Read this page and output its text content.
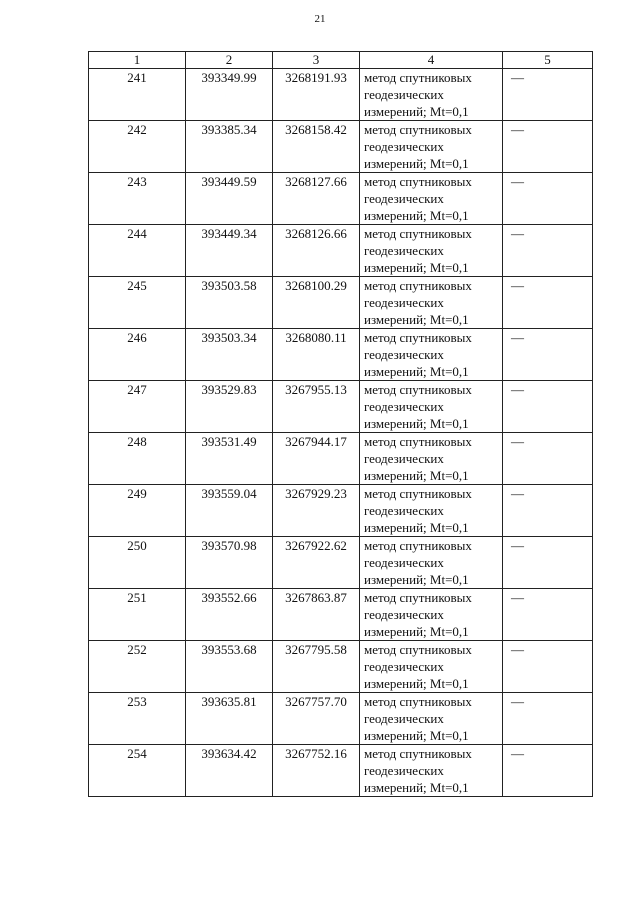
21
1	2	3	4	5
241	393349.99	3268191.93	метод спутниковых
геодезических
измерений; Mt=0,1	—
242	393385.34	3268158.42	метод спутниковых
геодезических
измерений; Mt=0,1	—
243	393449.59	3268127.66	метод спутниковых
геодезических
измерений; Mt=0,1	—
244	393449.34	3268126.66	метод спутниковых
геодезических
измерений; Mt=0,1	—
245	393503.58	3268100.29	метод спутниковых
геодезических
измерений; Mt=0,1	—
246	393503.34	3268080.11	метод спутниковых
геодезических
измерений; Mt=0,1	—
247	393529.83	3267955.13	метод спутниковых
геодезических
измерений; Mt=0,1	—
248	393531.49	3267944.17	метод спутниковых
геодезических
измерений; Mt=0,1	—
249	393559.04	3267929.23	метод спутниковых
геодезических
измерений; Mt=0,1	—
250	393570.98	3267922.62	метод спутниковых
геодезических
измерений; Mt=0,1	—
251	393552.66	3267863.87	метод спутниковых
геодезических
измерений; Mt=0,1	—
252	393553.68	3267795.58	метод спутниковых
геодезических
измерений; Mt=0,1	—
253	393635.81	3267757.70	метод спутниковых
геодезических
измерений; Mt=0,1	—
254	393634.42	3267752.16	метод спутниковых
геодезических
измерений; Mt=0,1	—
